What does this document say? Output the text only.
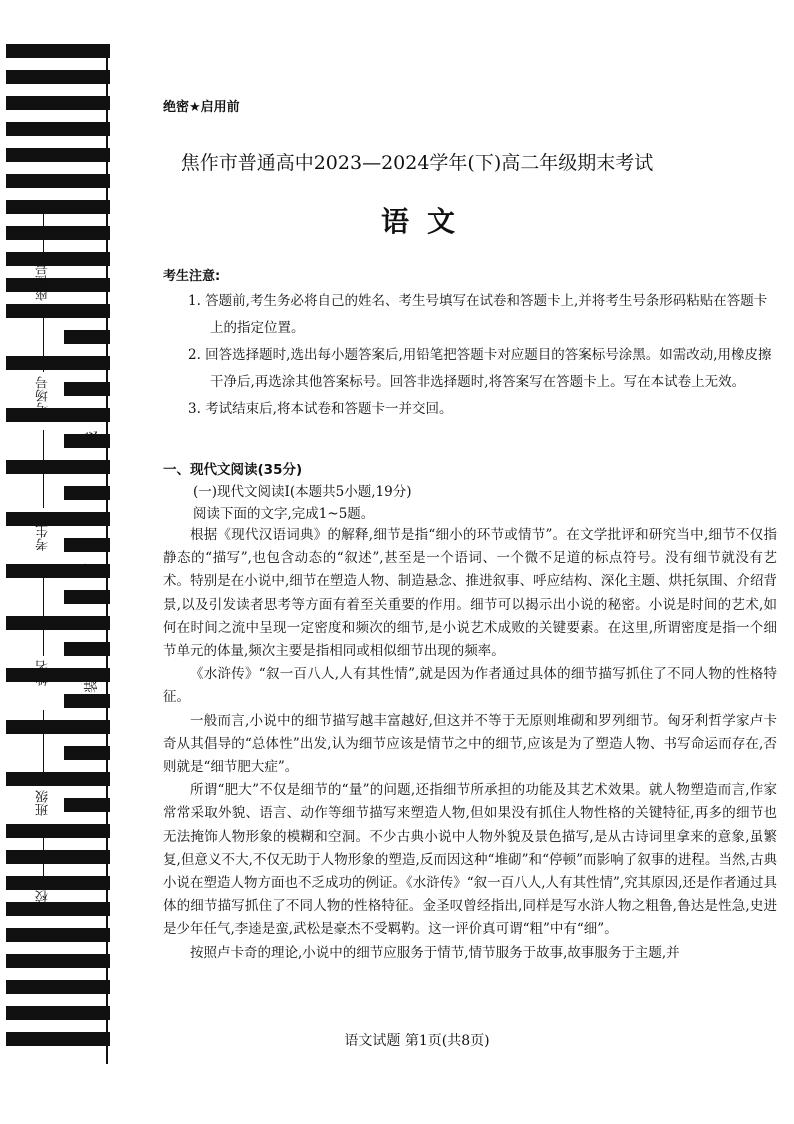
座位号
考场号
考生号
姓名
班级
学校
线
订
装
绝密★启用前
焦作市普通高中2023—2024学年(下)高二年级期末考试
语文
考生注意:
1. 答题前,考生务必将自己的姓名、考生号填写在试卷和答题卡上,并将考生号条形码粘贴在答题卡上的指定位置。
2. 回答选择题时,选出每小题答案后,用铅笔把答题卡对应题目的答案标号涂黑。如需改动,用橡皮擦干净后,再选涂其他答案标号。回答非选择题时,将答案写在答题卡上。写在本试卷上无效。
3. 考试结束后,将本试卷和答题卡一并交回。
一、现代文阅读(35分)
(一)现代文阅读Ⅰ(本题共5小题,19分)
阅读下面的文字,完成1~5题。

根据《现代汉语词典》的解释,细节是指“细小的环节或情节”。在文学批评和研究当中,细节不仅指静态的“描写”,也包含动态的“叙述”,甚至是一个语词、一个微不足道的标点符号。没有细节就没有艺术。特别是在小说中,细节在塑造人物、制造悬念、推进叙事、呼应结构、深化主题、烘托氛围、介绍背景,以及引发读者思考等方面有着至关重要的作用。细节可以揭示出小说的秘密。小说是时间的艺术,如何在时间之流中呈现一定密度和频次的细节,是小说艺术成败的关键要素。在这里,所谓密度是指一个细节单元的体量,频次主要是指相同或相似细节出现的频率。

《水浒传》“叙一百八人,人有其性情”,就是因为作者通过具体的细节描写抓住了不同人物的性格特征。

一般而言,小说中的细节描写越丰富越好,但这并不等于无原则堆砌和罗列细节。匈牙利哲学家卢卡奇从其倡导的“总体性”出发,认为细节应该是情节之中的细节,应该是为了塑造人物、书写命运而存在,否则就是“细节肥大症”。

所谓“肥大”不仅是细节的“量”的问题,还指细节所承担的功能及其艺术效果。就人物塑造而言,作家常常采取外貌、语言、动作等细节描写来塑造人物,但如果没有抓住人物性格的关键特征,再多的细节也无法掩饰人物形象的模糊和空洞。不少古典小说中人物外貌及景色描写,是从古诗词里拿来的意象,虽繁复,但意义不大,不仅无助于人物形象的塑造,反而因这种“堆砌”和“停顿”而影响了叙事的进程。当然,古典小说在塑造人物方面也不乏成功的例证。《水浒传》“叙一百八人,人有其性情”,究其原因,还是作者通过具体的细节描写抓住了不同人物的性格特征。金圣叹曾经指出,同样是写水浒人物之粗鲁,鲁达是性急,史进是少年任气,李逵是蛮,武松是豪杰不受羁靮。这一评价真可谓“粗”中有“细”。

按照卢卡奇的理论,小说中的细节应服务于情节,情节服务于故事,故事服务于主题,并

语文试题 第1页(共8页)
